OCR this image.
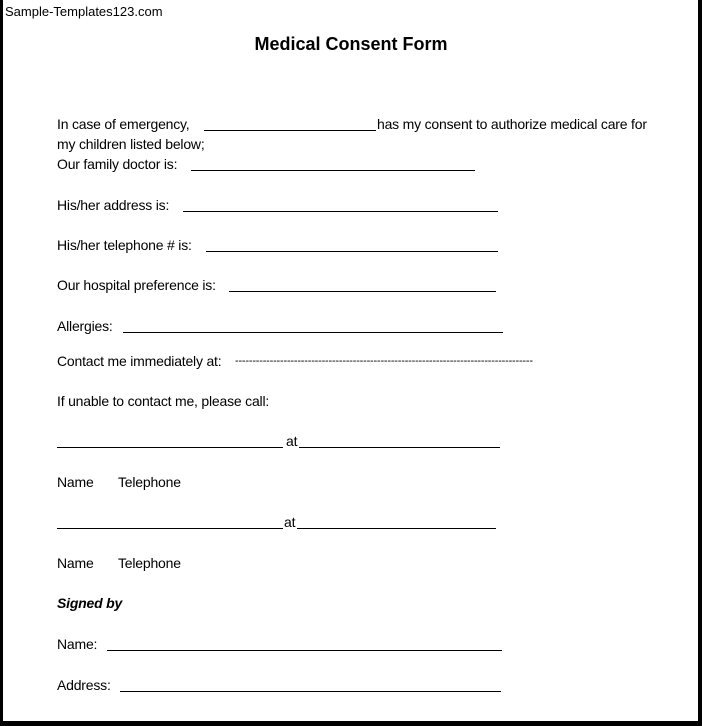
Sample-Templates123.com
Medical Consent Form
In case of emergency,	has my consent to authorize medical care for
my children listed below;
Our family doctor is:
His/her address is:
His/her telephone # is:
Our hospital preference is:
Allergies:
Contact me immediately at: --------------------------------------------------------------------------------------
If unable to contact me, please call:
at
Name Telephone
at
Name Telephone
Signed by
Name:
Address:
